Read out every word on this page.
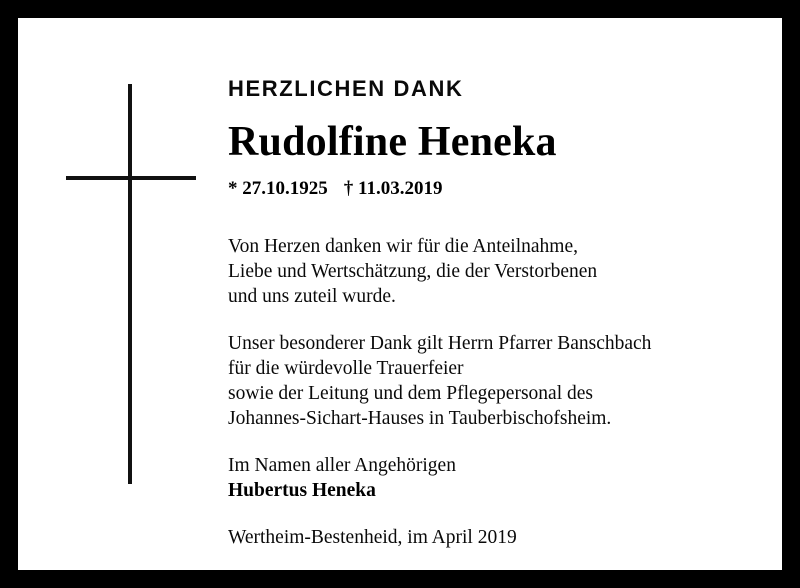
HERZLICHEN DANK
Rudolfine Heneka
* 27.10.1925 † 11.03.2019
Von Herzen danken wir für die Anteilnahme,
Liebe und Wertschätzung, die der Verstorbenen
und uns zuteil wurde.
Unser besonderer Dank gilt Herrn Pfarrer Banschbach
für die würdevolle Trauerfeier
sowie der Leitung und dem Pflegepersonal des
Johannes-Sichart-Hauses in Tauberbischofsheim.
Im Namen aller Angehörigen
Hubertus Heneka
Wertheim-Bestenheid, im April 2019
